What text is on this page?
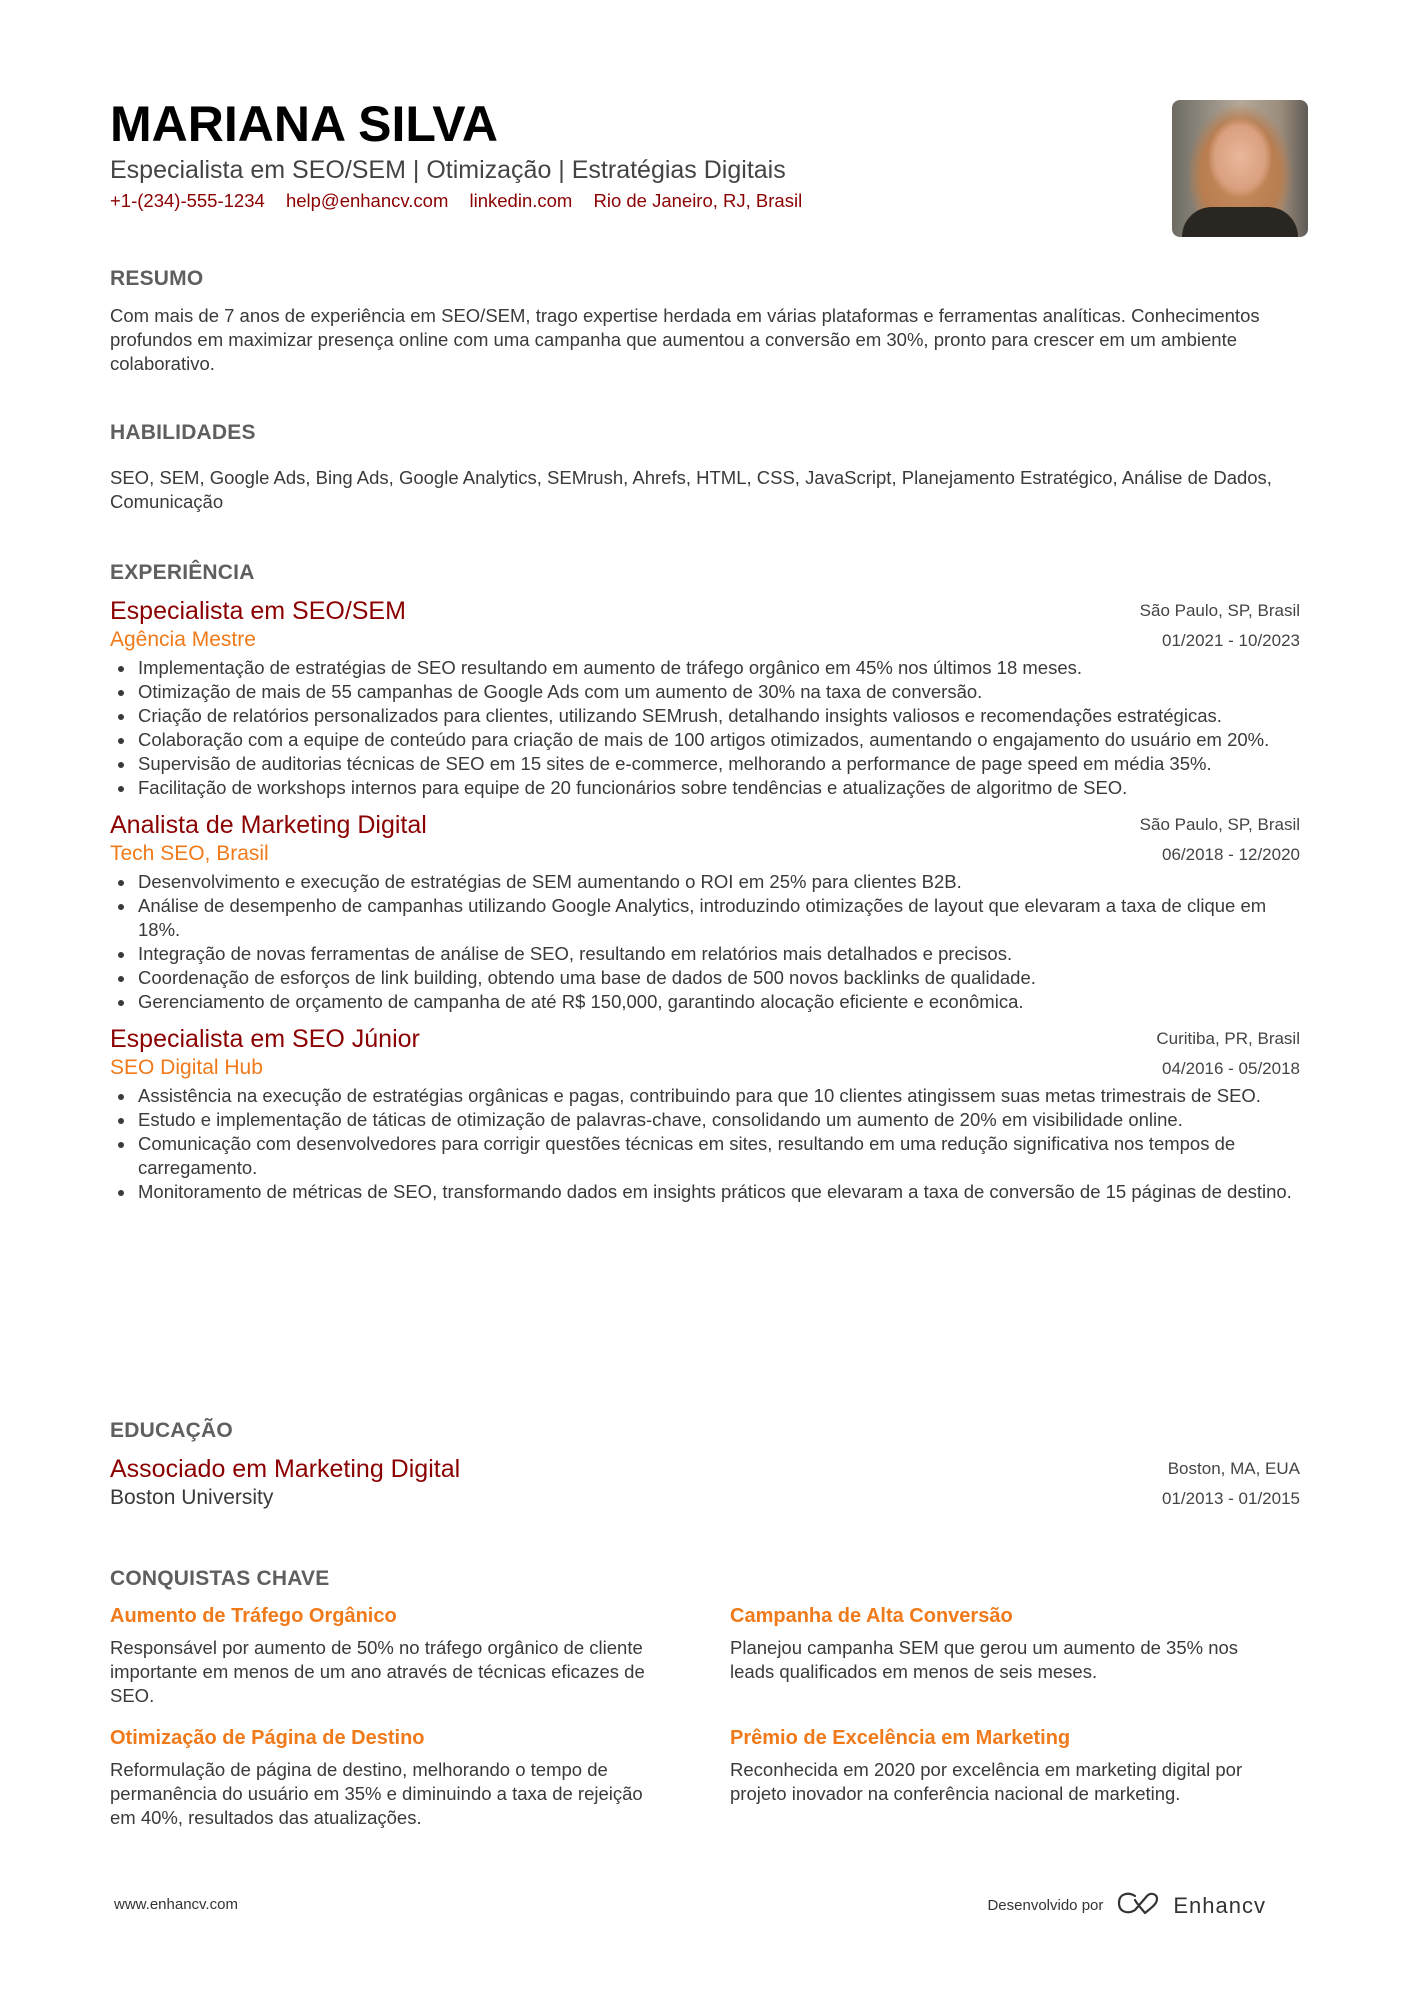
MARIANA SILVA
Especialista em SEO/SEM | Otimização | Estratégias Digitais
+1-(234)-555-1234 help@enhancv.com linkedin.com Rio de Janeiro, RJ, Brasil
RESUMO
Com mais de 7 anos de experiência em SEO/SEM, trago expertise herdada em várias plataformas e ferramentas analíticas. Conhecimentos profundos em maximizar presença online com uma campanha que aumentou a conversão em 30%, pronto para crescer em um ambiente colaborativo.
HABILIDADES
SEO, SEM, Google Ads, Bing Ads, Google Analytics, SEMrush, Ahrefs, HTML, CSS, JavaScript, Planejamento Estratégico, Análise de Dados, Comunicação
EXPERIÊNCIA
Especialista em SEO/SEM
Agência Mestre
São Paulo, SP, Brasil
01/2021 - 10/2023
Implementação de estratégias de SEO resultando em aumento de tráfego orgânico em 45% nos últimos 18 meses.
Otimização de mais de 55 campanhas de Google Ads com um aumento de 30% na taxa de conversão.
Criação de relatórios personalizados para clientes, utilizando SEMrush, detalhando insights valiosos e recomendações estratégicas.
Colaboração com a equipe de conteúdo para criação de mais de 100 artigos otimizados, aumentando o engajamento do usuário em 20%.
Supervisão de auditorias técnicas de SEO em 15 sites de e-commerce, melhorando a performance de page speed em média 35%.
Facilitação de workshops internos para equipe de 20 funcionários sobre tendências e atualizações de algoritmo de SEO.
Analista de Marketing Digital
Tech SEO, Brasil
São Paulo, SP, Brasil
06/2018 - 12/2020
Desenvolvimento e execução de estratégias de SEM aumentando o ROI em 25% para clientes B2B.
Análise de desempenho de campanhas utilizando Google Analytics, introduzindo otimizações de layout que elevaram a taxa de clique em 18%.
Integração de novas ferramentas de análise de SEO, resultando em relatórios mais detalhados e precisos.
Coordenação de esforços de link building, obtendo uma base de dados de 500 novos backlinks de qualidade.
Gerenciamento de orçamento de campanha de até R$ 150,000, garantindo alocação eficiente e econômica.
Especialista em SEO Júnior
SEO Digital Hub
Curitiba, PR, Brasil
04/2016 - 05/2018
Assistência na execução de estratégias orgânicas e pagas, contribuindo para que 10 clientes atingissem suas metas trimestrais de SEO.
Estudo e implementação de táticas de otimização de palavras-chave, consolidando um aumento de 20% em visibilidade online.
Comunicação com desenvolvedores para corrigir questões técnicas em sites, resultando em uma redução significativa nos tempos de carregamento.
Monitoramento de métricas de SEO, transformando dados em insights práticos que elevaram a taxa de conversão de 15 páginas de destino.
EDUCAÇÃO
Associado em Marketing Digital
Boston University
Boston, MA, EUA
01/2013 - 01/2015
CONQUISTAS CHAVE
Aumento de Tráfego Orgânico
Responsável por aumento de 50% no tráfego orgânico de cliente importante em menos de um ano através de técnicas eficazes de SEO.
Campanha de Alta Conversão
Planejou campanha SEM que gerou um aumento de 35% nos leads qualificados em menos de seis meses.
Otimização de Página de Destino
Reformulação de página de destino, melhorando o tempo de permanência do usuário em 35% e diminuindo a taxa de rejeição em 40%, resultados das atualizações.
Prêmio de Excelência em Marketing
Reconhecida em 2020 por excelência em marketing digital por projeto inovador na conferência nacional de marketing.
www.enhancv.com	Desenvolvido por	Enhancv
